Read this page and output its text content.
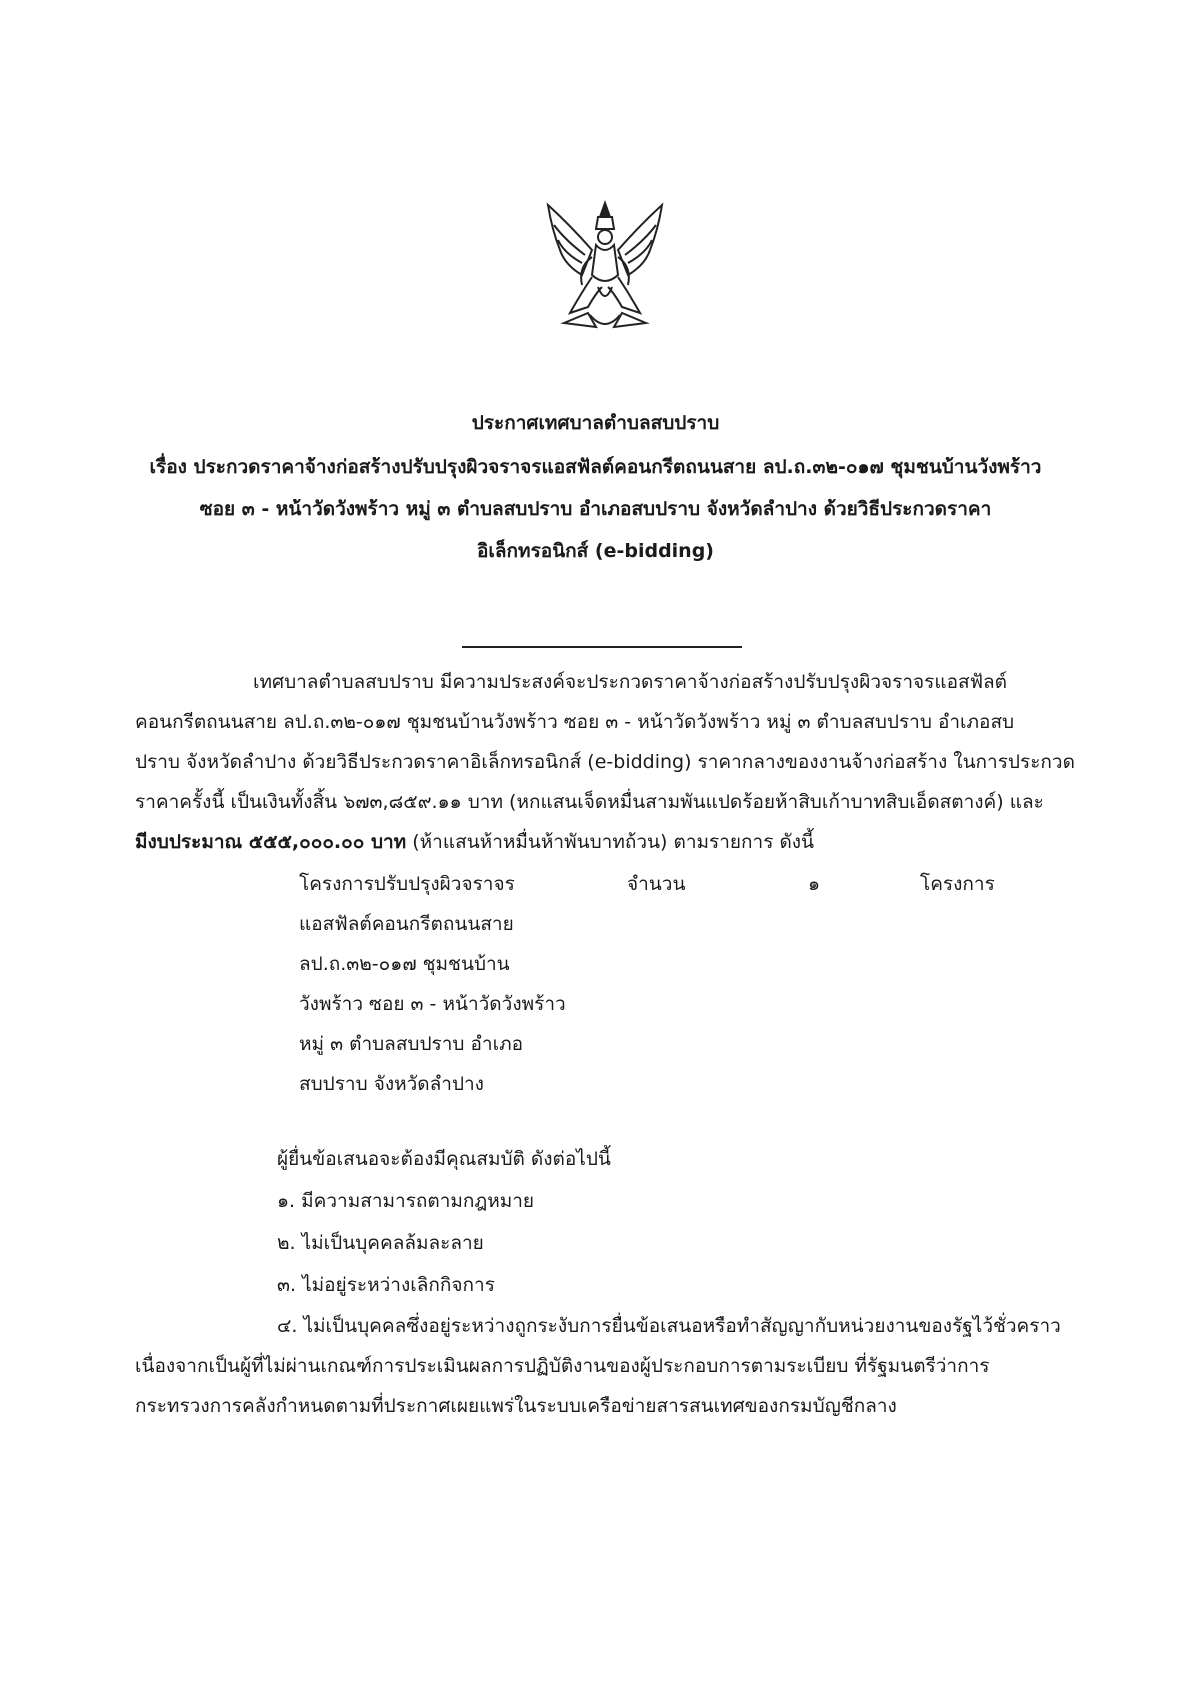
ประกาศเทศบาลตำบลสบปราบ
เรื่อง ประกวดราคาจ้างก่อสร้างปรับปรุงผิวจราจรแอสฟัลต์คอนกรีตถนนสาย ลป.ถ.๓๒-๐๑๗ ชุมชนบ้านวังพร้าว
ซอย ๓ - หน้าวัดวังพร้าว หมู่ ๓ ตำบลสบปราบ อำเภอสบปราบ จังหวัดลำปาง ด้วยวิธีประกวดราคา
อิเล็กทรอนิกส์ (e-bidding)
เทศบาลตำบลสบปราบ มีความประสงค์จะประกวดราคาจ้างก่อสร้างปรับปรุงผิวจราจรแอสฟัลต์
คอนกรีตถนนสาย ลป.ถ.๓๒-๐๑๗ ชุมชนบ้านวังพร้าว ซอย ๓ - หน้าวัดวังพร้าว หมู่ ๓ ตำบลสบปราบ อำเภอสบ
ปราบ จังหวัดลำปาง ด้วยวิธีประกวดราคาอิเล็กทรอนิกส์ (e-bidding) ราคากลางของงานจ้างก่อสร้าง ในการประกวด
ราคาครั้งนี้ เป็นเงินทั้งสิ้น ๖๗๓,๘๕๙.๑๑ บาท (หกแสนเจ็ดหมื่นสามพันแปดร้อยห้าสิบเก้าบาทสิบเอ็ดสตางค์) และ
มีงบประมาณ ๕๕๕,๐๐๐.๐๐ บาท (ห้าแสนห้าหมื่นห้าพันบาทถ้วน) ตามรายการ ดังนี้
โครงการปรับปรุงผิวจราจร
แอสฟัลต์คอนกรีตถนนสาย
ลป.ถ.๓๒-๐๑๗ ชุมชนบ้าน
วังพร้าว ซอย ๓ - หน้าวัดวังพร้าว
หมู่ ๓ ตำบลสบปราบ อำเภอ
สบปราบ จังหวัดลำปาง
จำนวน	๑	โครงการ
ผู้ยื่นข้อเสนอจะต้องมีคุณสมบัติ ดังต่อไปนี้
๑. มีความสามารถตามกฎหมาย
๒. ไม่เป็นบุคคลล้มละลาย
๓. ไม่อยู่ระหว่างเลิกกิจการ
๔. ไม่เป็นบุคคลซึ่งอยู่ระหว่างถูกระงับการยื่นข้อเสนอหรือทำสัญญากับหน่วยงานของรัฐไว้ชั่วคราว
เนื่องจากเป็นผู้ที่ไม่ผ่านเกณฑ์การประเมินผลการปฏิบัติงานของผู้ประกอบการตามระเบียบ ที่รัฐมนตรีว่าการ
กระทรวงการคลังกำหนดตามที่ประกาศเผยแพร่ในระบบเครือข่ายสารสนเทศของกรมบัญชีกลาง
